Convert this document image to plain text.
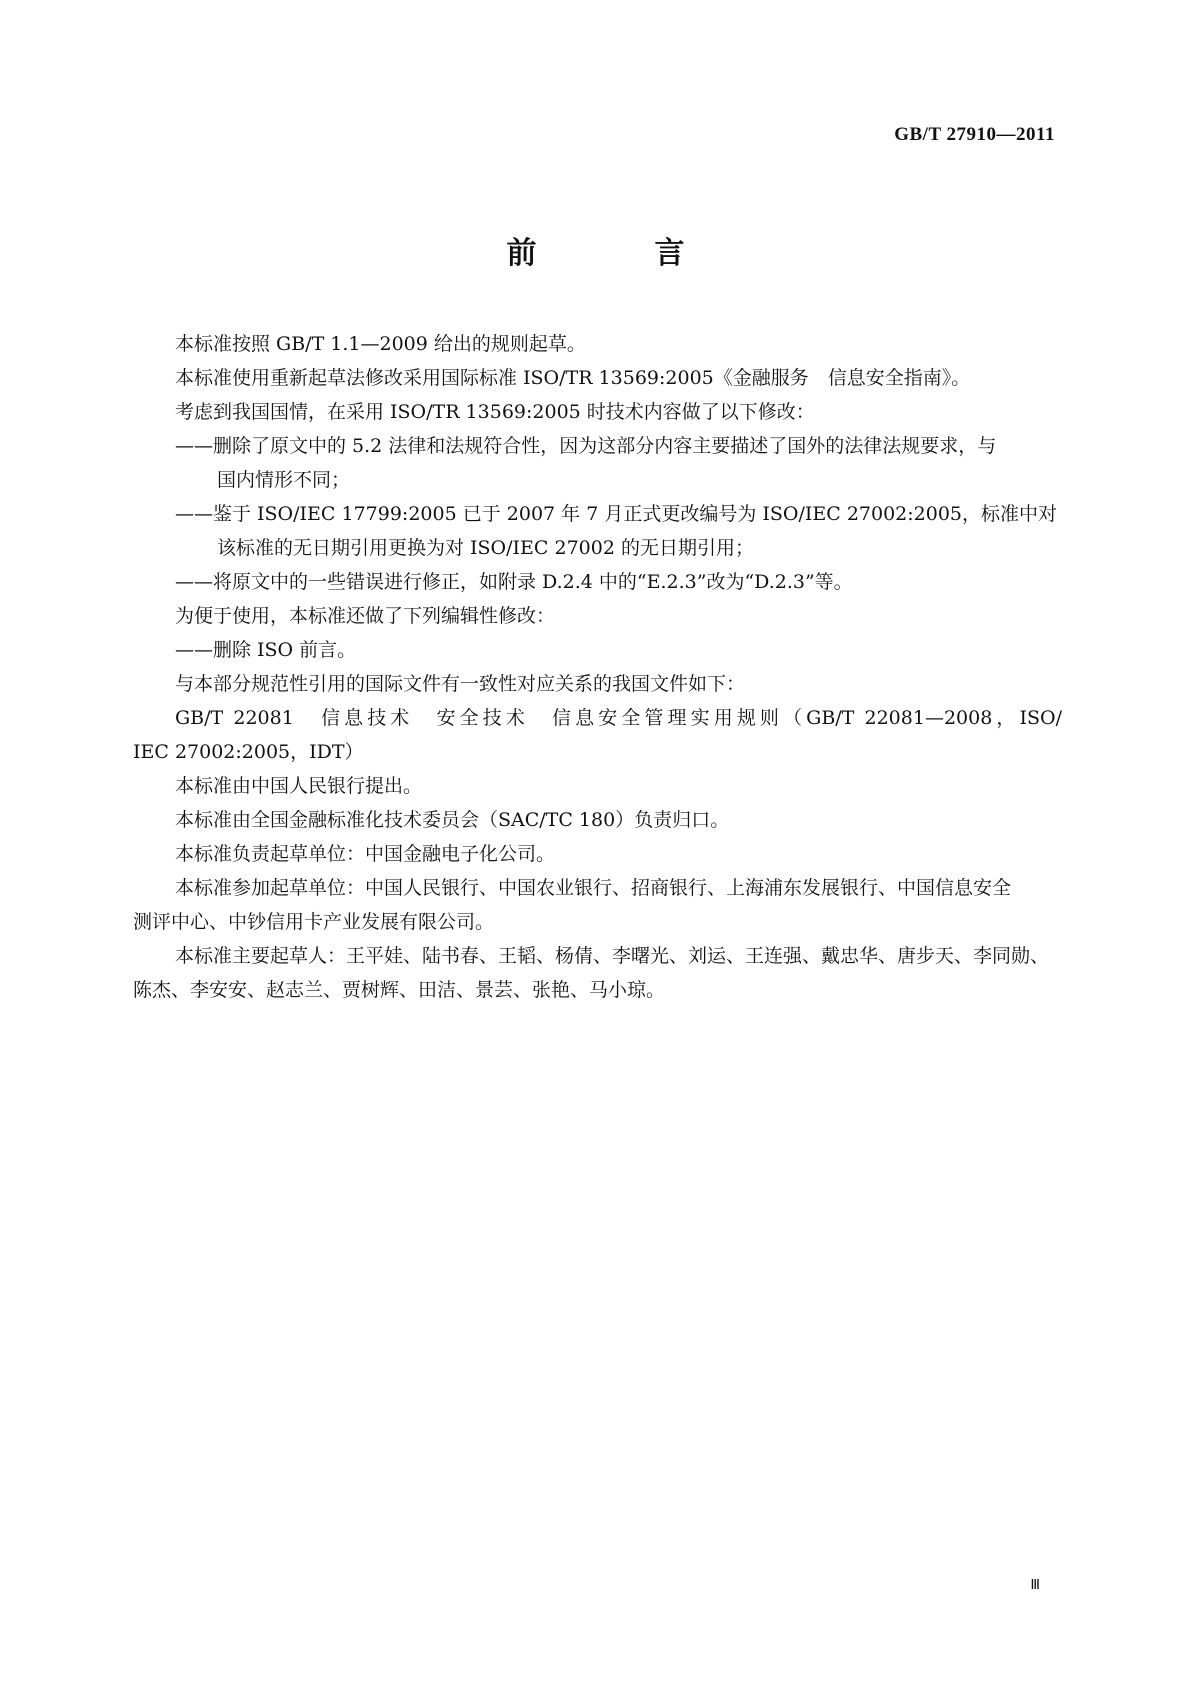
GB/T 27910—2011
前　言
本标准按照 GB/T 1.1—2009 给出的规则起草。
本标准使用重新起草法修改采用国际标准 ISO/TR 13569:2005《金融服务　信息安全指南》。
考虑到我国国情，在采用 ISO/TR 13569:2005 时技术内容做了以下修改：
——删除了原文中的 5.2 法律和法规符合性，因为这部分内容主要描述了国外的法律法规要求，与
国内情形不同；
——鉴于 ISO/IEC 17799:2005 已于 2007 年 7 月正式更改编号为 ISO/IEC 27002:2005，标准中对
该标准的无日期引用更换为对 ISO/IEC 27002 的无日期引用；
——将原文中的一些错误进行修正，如附录 D.2.4 中的“E.2.3”改为“D.2.3”等。
为便于使用，本标准还做了下列编辑性修改：
——删除 ISO 前言。
与本部分规范性引用的国际文件有一致性对应关系的我国文件如下：
GB/T 22081　信息技术　安全技术　信息安全管理实用规则（GB/T 22081—2008，ISO/
IEC 27002:2005，IDT）
本标准由中国人民银行提出。
本标准由全国金融标准化技术委员会（SAC/TC 180）负责归口。
本标准负责起草单位：中国金融电子化公司。
本标准参加起草单位：中国人民银行、中国农业银行、招商银行、上海浦东发展银行、中国信息安全
测评中心、中钞信用卡产业发展有限公司。
本标准主要起草人：王平娃、陆书春、王韬、杨倩、李曙光、刘运、王连强、戴忠华、唐步天、李同勋、
陈杰、李安安、赵志兰、贾树辉、田洁、景芸、张艳、马小琼。
Ⅲ
